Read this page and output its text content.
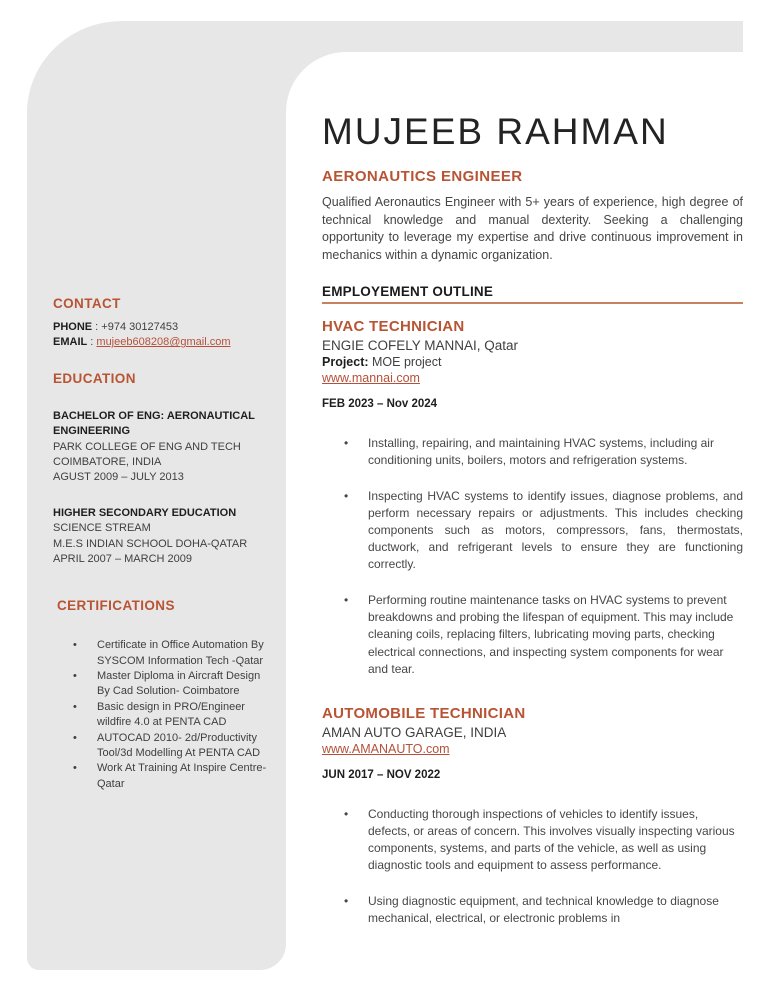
CONTACT
PHONE : +974 30127453
EMAIL : mujeeb608208@gmail.com
EDUCATION
BACHELOR OF ENG: AERONAUTICAL ENGINEERING
PARK COLLEGE OF ENG AND TECH
COIMBATORE, INDIA
AGUST 2009 – JULY 2013
HIGHER SECONDARY EDUCATION
SCIENCE STREAM
M.E.S INDIAN SCHOOL DOHA-QATAR
APRIL 2007 – MARCH 2009
CERTIFICATIONS
•	Certificate in Office Automation By SYSCOM Information Tech -Qatar
•	Master Diploma in Aircraft Design By Cad Solution- Coimbatore
•	Basic design in PRO/Engineer wildfire 4.0 at PENTA CAD
•	AUTOCAD 2010- 2d/Productivity Tool/3d Modelling At PENTA CAD
•	Work At Training At Inspire Centre- Qatar
MUJEEB RAHMAN
AERONAUTICS ENGINEER
Qualified Aeronautics Engineer with 5+ years of experience, high degree of technical knowledge and manual dexterity. Seeking a challenging opportunity to leverage my expertise and drive continuous improvement in mechanics within a dynamic organization.
EMPLOYEMENT OUTLINE
HVAC TECHNICIAN
ENGIE COFELY MANNAI, Qatar
Project: MOE project
www.mannai.com
FEB 2023 – Nov 2024
•	Installing, repairing, and maintaining HVAC systems, including air conditioning units, boilers, motors and refrigeration systems.
•	Inspecting HVAC systems to identify issues, diagnose problems, and perform necessary repairs or adjustments. This includes checking components such as motors, compressors, fans, thermostats, ductwork, and refrigerant levels to ensure they are functioning correctly.
•	Performing routine maintenance tasks on HVAC systems to prevent breakdowns and probing the lifespan of equipment. This may include cleaning coils, replacing filters, lubricating moving parts, checking electrical connections, and inspecting system components for wear and tear.
AUTOMOBILE TECHNICIAN
AMAN AUTO GARAGE, INDIA
www.AMANAUTO.com
JUN 2017 – NOV 2022
•	Conducting thorough inspections of vehicles to identify issues, defects, or areas of concern. This involves visually inspecting various components, systems, and parts of the vehicle, as well as using diagnostic tools and equipment to assess performance.
•	Using diagnostic equipment, and technical knowledge to diagnose mechanical, electrical, or electronic problems in
